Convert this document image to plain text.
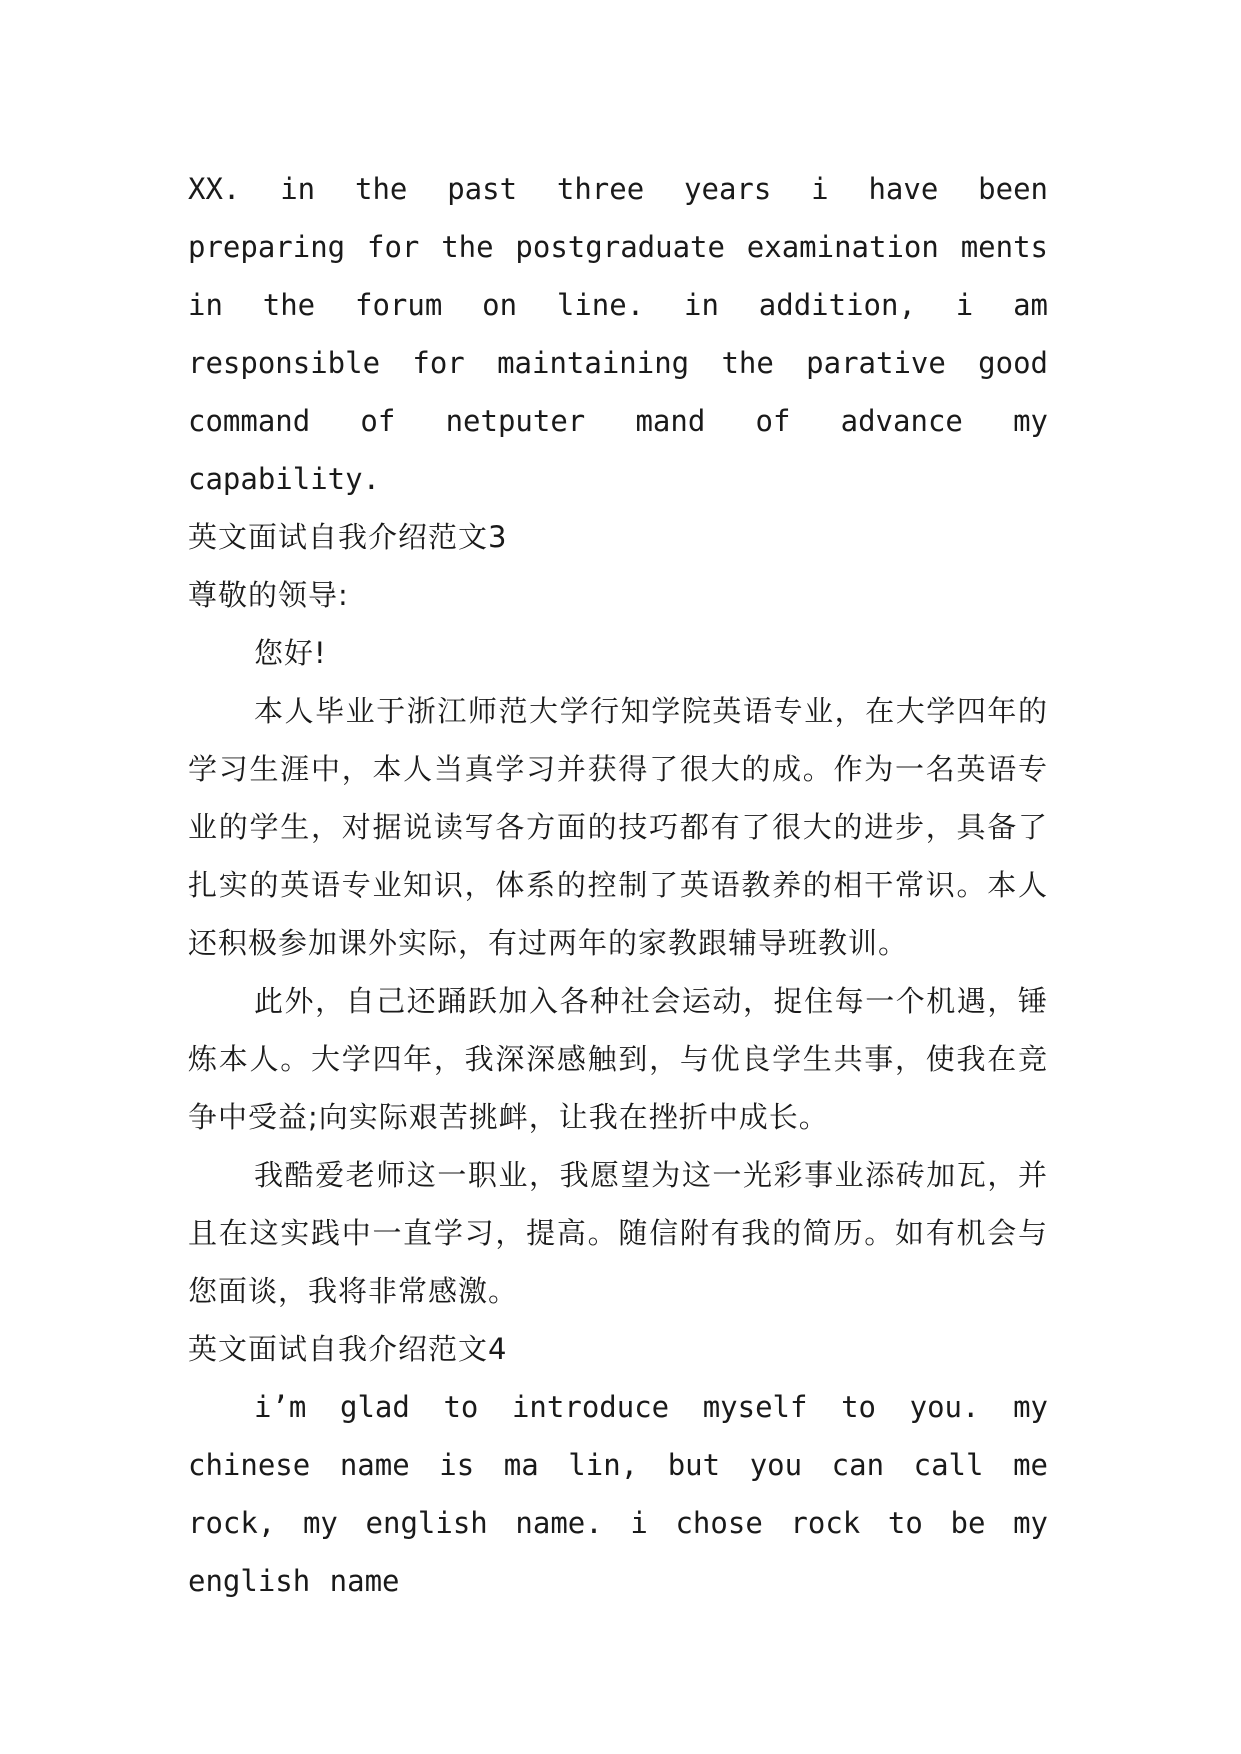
XX. in the past three years i have been preparing for the postgraduate examination ments in the forum on line. in addition, i am responsible for maintaining the parative good command of netputer mand of advance my capability.

英文面试自我介绍范文3

尊敬的领导:

您好!

本人毕业于浙江师范大学行知学院英语专业，在大学四年的学习生涯中，本人当真学习并获得了很大的成。作为一名英语专业的学生，对据说读写各方面的技巧都有了很大的进步，具备了扎实的英语专业知识，体系的控制了英语教养的相干常识。本人还积极参加课外实际，有过两年的家教跟辅导班教训。

此外，自己还踊跃加入各种社会运动，捉住每一个机遇，锤炼本人。大学四年，我深深感触到，与优良学生共事，使我在竞争中受益;向实际艰苦挑衅，让我在挫折中成长。

我酷爱老师这一职业，我愿望为这一光彩事业添砖加瓦，并且在这实践中一直学习，提高。随信附有我的简历。如有机会与您面谈，我将非常感激。

英文面试自我介绍范文4

i’m glad to introduce myself to you. my chinese name is ma lin, but you can call me rock, my english name. i chose rock to be my english name
